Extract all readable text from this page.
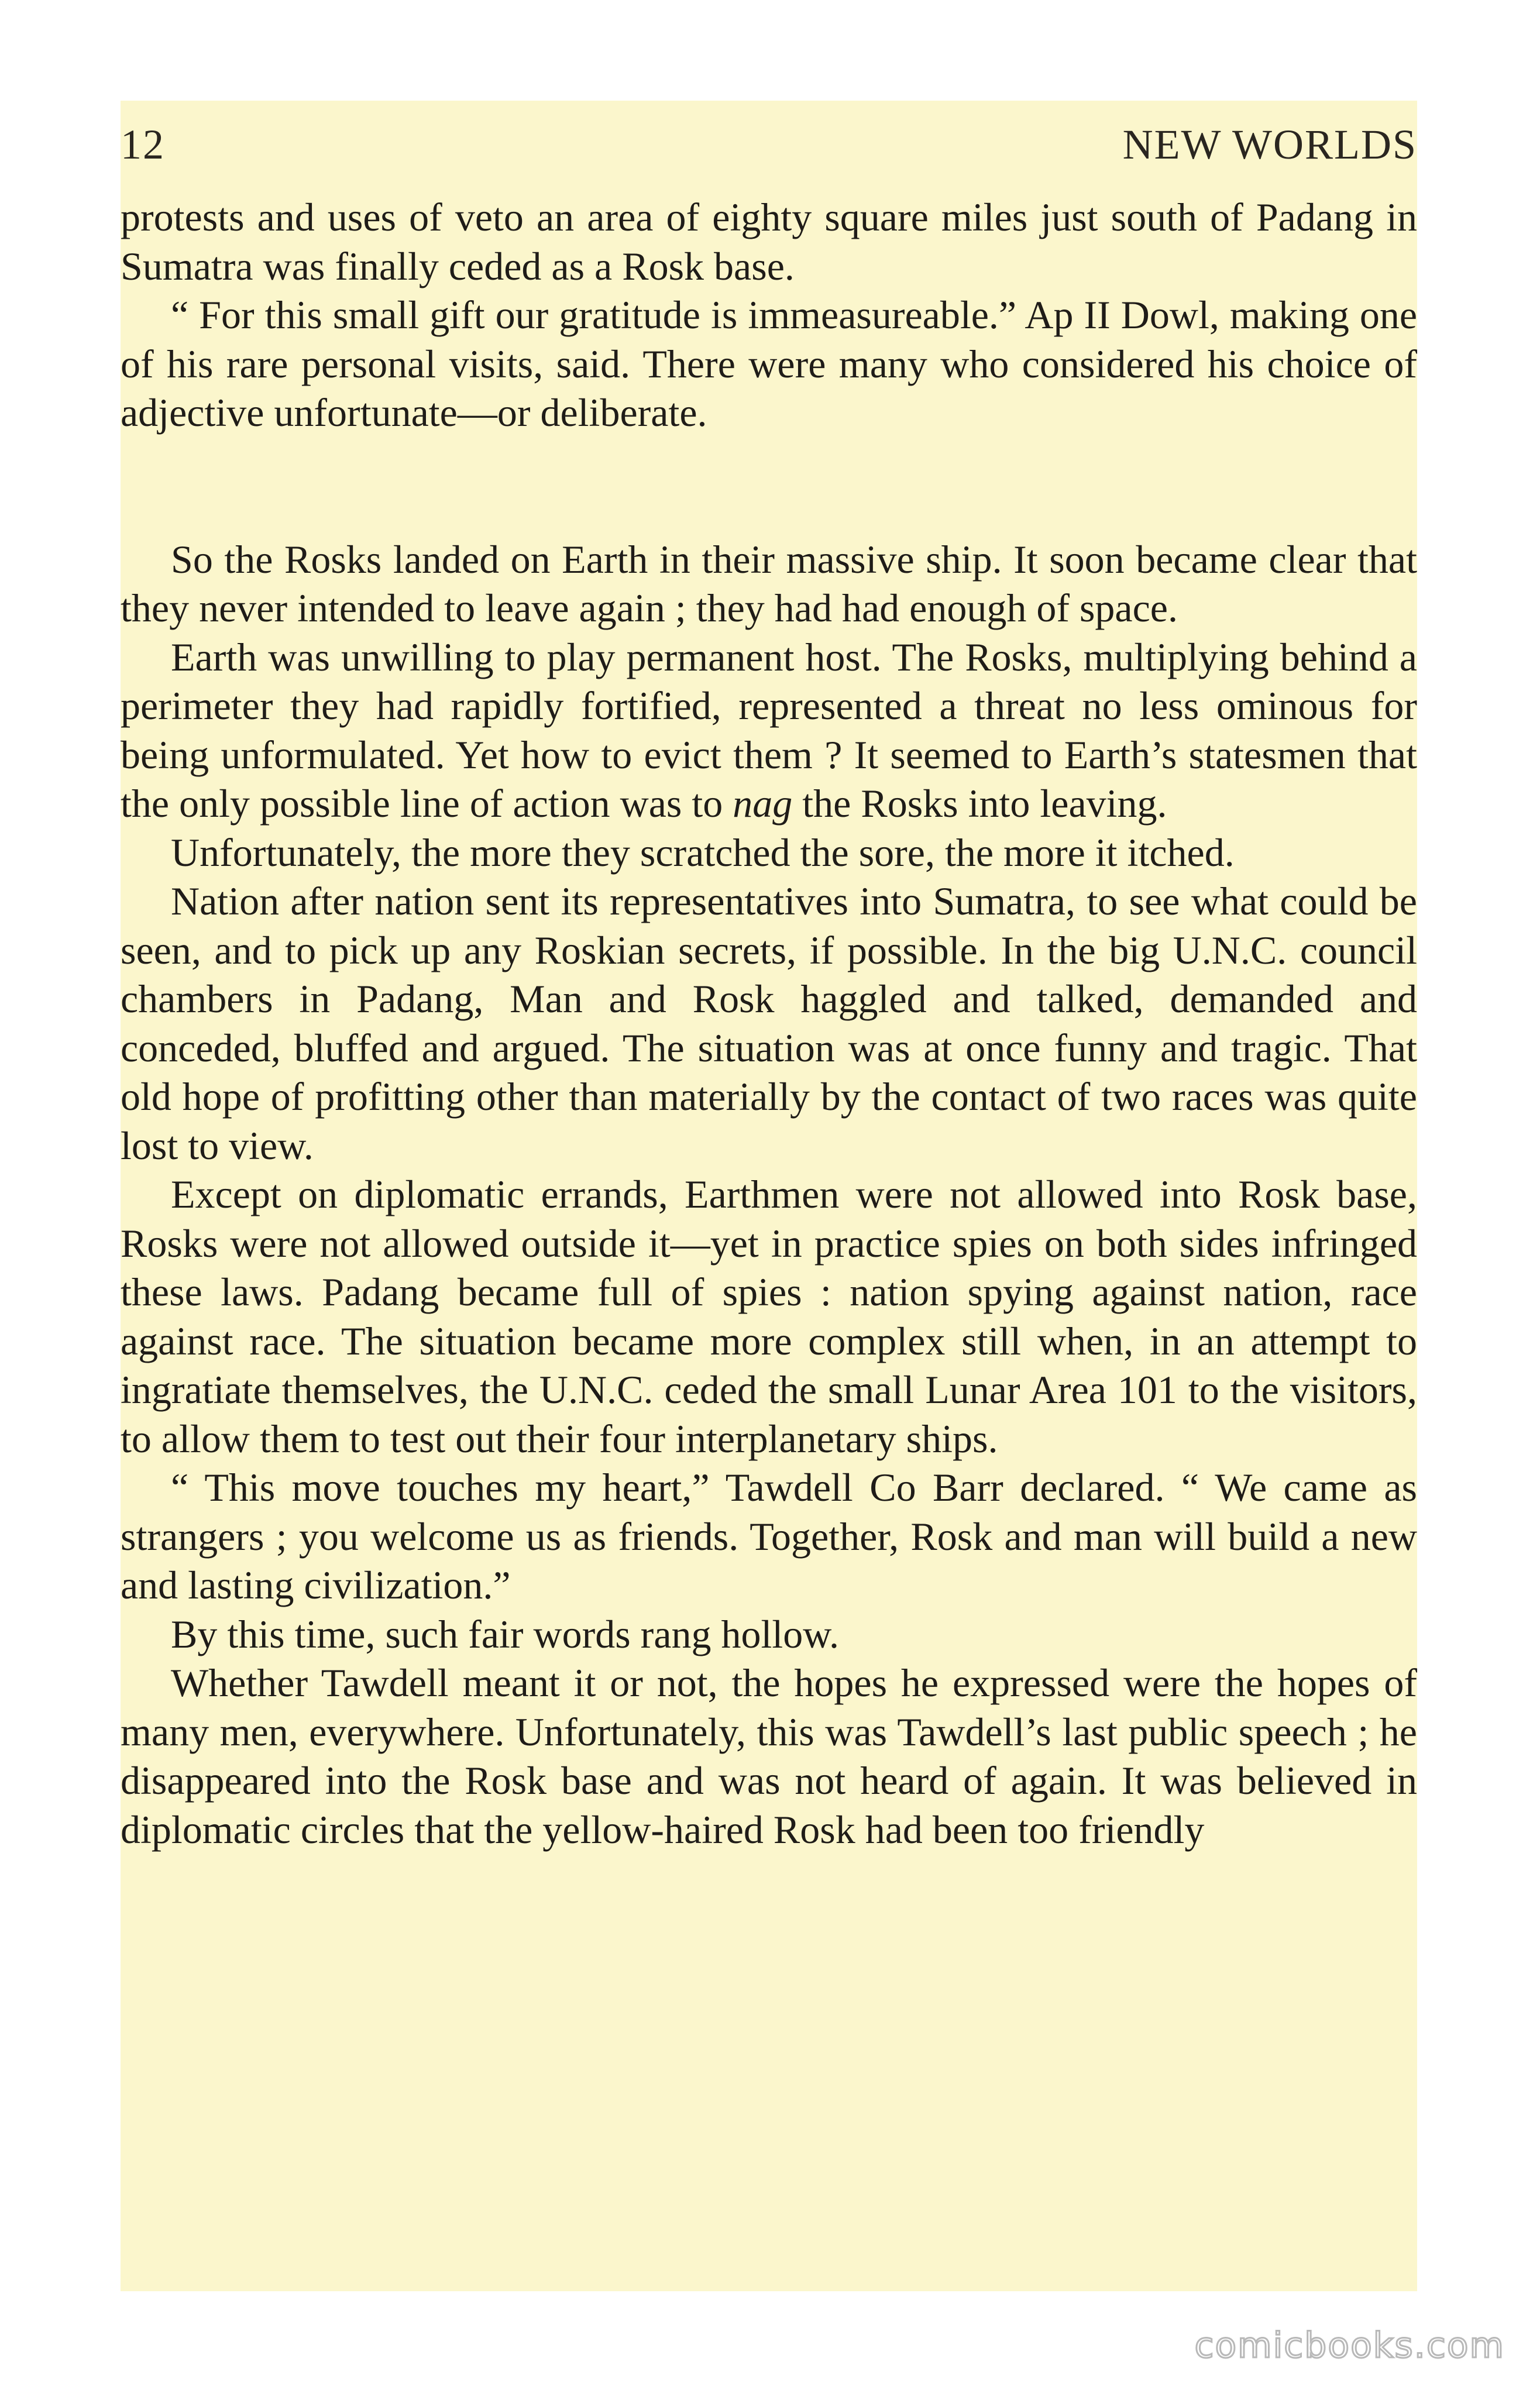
12	NEW WORLDS

protests and uses of veto an area of eighty square miles just south of Padang in Sumatra was finally ceded as a Rosk base.

“ For this small gift our gratitude is immeasureable.” Ap II Dowl, making one of his rare personal visits, said. There were many who considered his choice of adjective unfortunate—or deliberate.

So the Rosks landed on Earth in their massive ship. It soon became clear that they never intended to leave again ; they had had enough of space.

Earth was unwilling to play permanent host. The Rosks, multiplying behind a perimeter they had rapidly fortified, represented a threat no less ominous for being unformulated. Yet how to evict them ? It seemed to Earth’s statesmen that the only possible line of action was to nag the Rosks into leaving.

Unfortunately, the more they scratched the sore, the more it itched.

Nation after nation sent its representatives into Sumatra, to see what could be seen, and to pick up any Roskian secrets, if possible. In the big U.N.C. council chambers in Padang, Man and Rosk haggled and talked, demanded and conceded, bluffed and argued. The situation was at once funny and tragic. That old hope of profitting other than materially by the contact of two races was quite lost to view.

Except on diplomatic errands, Earthmen were not allowed into Rosk base, Rosks were not allowed outside it—yet in practice spies on both sides infringed these laws. Padang became full of spies : nation spying against nation, race against race. The situation became more complex still when, in an attempt to ingratiate themselves, the U.N.C. ceded the small Lunar Area 101 to the visitors, to allow them to test out their four interplanetary ships.

“ This move touches my heart,” Tawdell Co Barr declared. “ We came as strangers ; you welcome us as friends. Together, Rosk and man will build a new and lasting civilization.”

By this time, such fair words rang hollow.

Whether Tawdell meant it or not, the hopes he expressed were the hopes of many men, everywhere. Unfortunately, this was Tawdell’s last public speech ; he disappeared into the Rosk base and was not heard of again. It was believed in diplomatic circles that the yellow-haired Rosk had been too friendly

comicbooks.com
